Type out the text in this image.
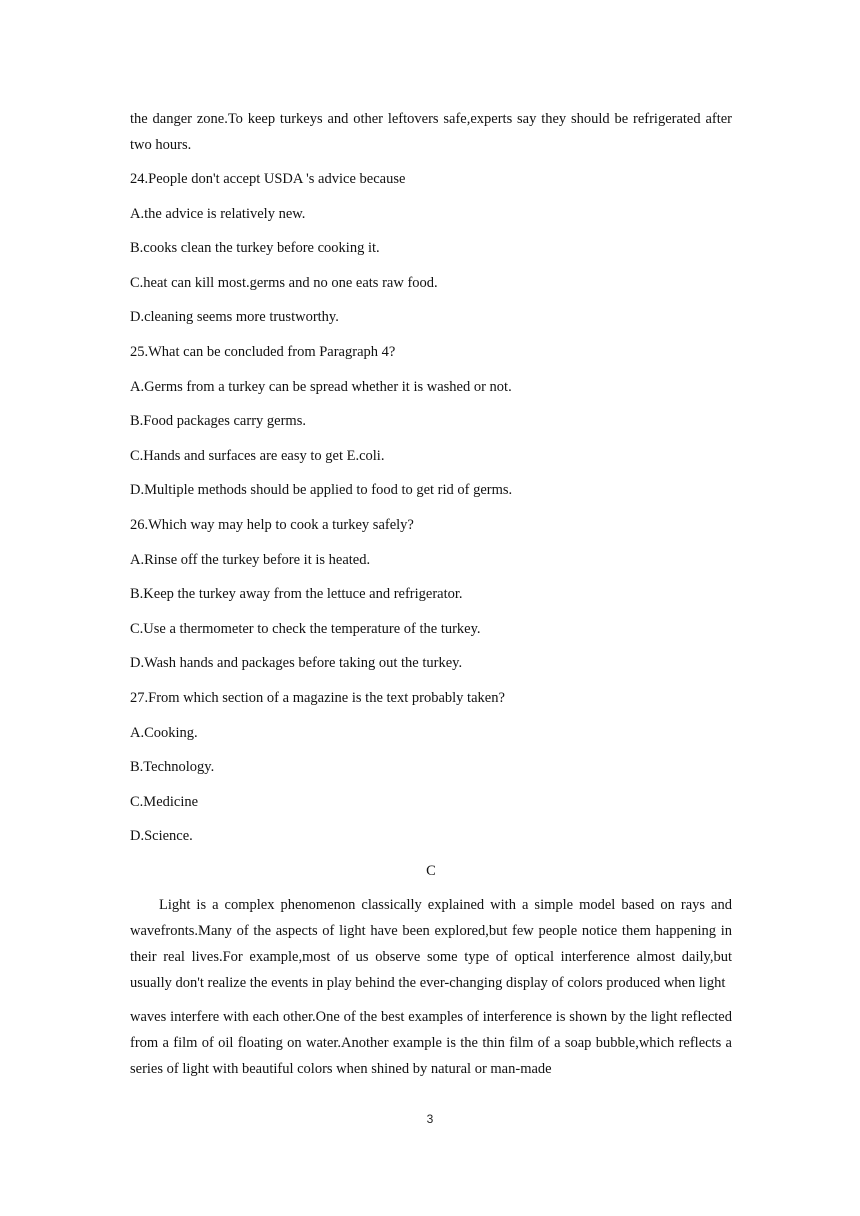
the danger zone.To keep turkeys and other leftovers safe,experts say they should be refrigerated after two hours.

24.People don't accept USDA 's advice because

A.the advice is relatively new.

B.cooks clean the turkey before cooking it.

C.heat can kill most.germs and no one eats raw food.

D.cleaning seems more trustworthy.

25.What can be concluded from Paragraph 4?

A.Germs from a turkey can be spread whether it is washed or not.

B.Food packages carry germs.

C.Hands and surfaces are easy to get E.coli.

D.Multiple methods should be applied to food to get rid of germs.

26.Which way may help to cook a turkey safely?

A.Rinse off the turkey before it is heated.

B.Keep the turkey away from the lettuce and refrigerator.

C.Use a thermometer to check the temperature of the turkey.

D.Wash hands and packages before taking out the turkey.

27.From which section of a magazine is the text probably taken?

A.Cooking.

B.Technology.

C.Medicine

D.Science.

C

Light is a complex phenomenon classically explained with a simple model based on rays and wavefronts.Many of the aspects of light have been explored,but few people notice them happening in their real lives.For example,most of us observe some type of optical interference almost daily,but usually don't realize the events in play behind the ever-changing display of colors produced when light

waves interfere with each other.One of the best examples of interference is shown by the light reflected from a film of oil floating on water.Another example is the thin film of a soap bubble,which reflects a series of light with beautiful colors when shined by natural or man-made

3
